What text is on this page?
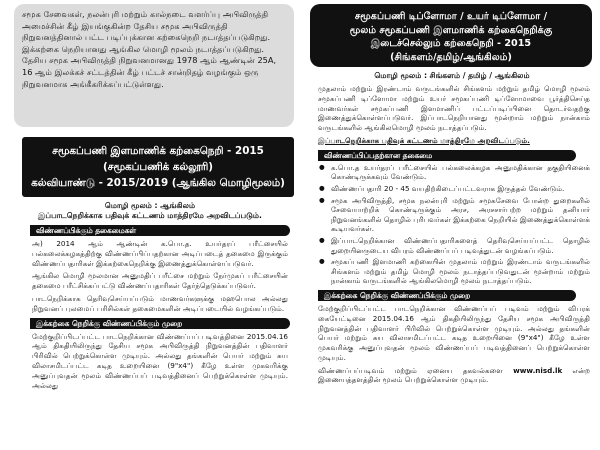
சமூக சேவைகள், நலன்புரி மற்றும் கால்நடை வளர்ப்பு அபிவிருத்தி அமைச்சின் கீழ் இயங்குகின்ற தேசிய சமூக அபிவிருத்தி நிறுவனத்தினால் பட்ட படிப்புக்கான கற்கைநெறி நடாத்தப்படுகிறது. இக்கற்கை நெறியானது ஆங்கில மொழி மூலம் நடாத்தப்படுகிறது. தேசிய சமூக அபிவிருத்தி நிறுவனமானது 1978 ஆம் ஆண்டின் 25A, 16 ஆம் இலக்கச் சட்டத்தின் கீழ் பட்டச் சான்றிதழ் வழங்கும் ஒரு நிறுவனமாக அங்கீகரிக்கப்பட்டுள்ளது.
சமூகப்பணி இளமாணிக் கற்கைநெறி - 2015
(சமூகப்பணிக் கல்லூரி)
கல்வியாண்டு - 2015/2019 (ஆங்கில மொழிமூலம்)
மொழி மூலம் : ஆங்கிலம்
இப்பாடநெறிக்காக பதிவுக் கட்டணம் மாத்திரமே அறவிடப்படும்.
விண்ணப்பிக்கும் தகைமைகள்
அ) 2014 ஆம் ஆண்டின் க.பொ.த. உயர்தரப் பரீட்சையில் பல்கலைக்கழகத்திற்கு விண்ணப்பிப்பதற்கான அடிப்படைத் தகைமை இருக்கும் விண்ணப்பதாரிகள் இக்கற்கைநெறிக்கு இணைத்துக்கொள்ளப்படுவர்.
ஆங்கில மொழி மூலமான அனுமதிப் பரீட்சை மற்றும் நேர்முகப் பரீட்சையின் தகைமை பரீட்சிக்கப்பட்டு விண்ணப்பதாரிகள் தேர்ந்தெடுக்கப்படுவர்.
பாடநெறிக்காக தெரிவுசெய்யப்படும் மாணவர்களுக்கு மஹபொல அல்லது நிறுவனப் புலமைப் பரிசில்கள் தகைமைகளின் அடிப்படையில் வழங்கப்படும்.
இக்கற்கை நெறிக்கு விண்ணப்பிக்கும் முறை
மேற்குறிப்பிடப்பட்ட பாடநெறிக்கான விண்ணப்பப் படிவத்தினை 2015.04.16 ஆம் திகதியிலிருந்து தேசிய சமூக அபிவிருத்தி நிறுவனத்தின் பதிவாளர் பிரிவில் பெற்றுக்கொள்ள முடியும். அல்லது தங்களின் பெயர் மற்றும் சுய விலாசமிடப்பட்ட கடித உறையினை (9"x4") கீழே உள்ள முகவரிக்கு அனுப்புவதன் மூலம் விண்ணப்பப் படிவத்தினைப் பெற்றுக்கொள்ள முடியும். அல்லது
சமூகப்பணி டிப்ளோமா / உயர் டிப்ளோமா /
மூலம் சமூகப்பணி இளமாணிக் கற்கைநெறிக்கு
இடைச்செல்லும் கற்கைநெறி - 2015
(சிங்களம்/தமிழ்/ஆங்கிலம்)
மொழி மூலம் : சிங்களம் / தமிழ் / ஆங்கிலம்
முதலாம் மற்றும் இரண்டாம் வருடங்களில் சிங்களம் மற்றும் தமிழ் மொழி மூலம் சமூகப்பணி டிப்ளோமா மற்றும் உயர் சமூகப்பணி டிப்ளோமாவை பூர்த்திசெய்த மாணவர்கள் சமூகப்பணி இளமாணிப் பட்டப்படிப்பினை தொடர்வதற்கு இணைத்துக்கொள்ளப்படுவர். இப்பாடநெறியானது மூன்றாம் மற்றும் நான்காம் வருடங்களில் ஆங்கிலமொழி மூலம் நடாத்தப்படும்.
இப்பாடநெறிக்காக பதிவுக் கட்டணம் மாத்திரமே அறவிடப்படும்.
விண்ணப்பிப்பதற்கான தகைமை
● க.பொ.த உயர்தரப் பரீட்சையில் பல்கலைக்கழக அனுமதிக்கான தகுதியினைக் கொண்டிருக்கவும் வேண்டும்.
● விண்ணப்பதாரி 20 - 45 வயதிற்கிடைப்பட்டவராக இருத்தல் வேண்டும்.
● சமூக அபிவிருத்தி, சமூக நலன்புரி மற்றும் சமூகசேவை போன்ற துறைகளில் சேவையாற்றிக் கொண்டிருக்கும் அரச, அரசசார்பற்ற மற்றும் தனியார் நிறுவனங்களில் தொழில் புரிபவர்கள் இக்கற்கை நெறியில் இணைத்துக்கொள்ளக் கூடியவர்கள்.
● இப்பாடநெறிக்கான விண்ணப்பதாரிகளைத் தெரிவுசெய்யப்பட்ட தொழில் துறையினருடைய விபரம் விண்ணப்பப் படிவத்துடன் வழங்கப்படும்.
● சமூகப்பணி இளமாணி கற்கையின் முதலாம் மற்றும் இரண்டாம் வருடங்களில் சிங்களம் மற்றும் தமிழ் மொழி மூலம் நடாத்தப்படுவதுடன் மூன்றாம் மற்றும் நான்காம் வருடங்களில் ஆங்கிலமொழி மூலம் நடாத்தப்படும்.
இக்கற்கை நெறிக்கு விண்ணப்பிக்கும் முறை
மேற்குறிப்பிடப்பட்ட பாடநெறிக்கான விண்ணப்பப் படிவம் மற்றும் விபரக் கையேட்டினை 2015.04.16 ஆம் திகதியிலிருந்து தேசிய சமூக அபிவிருத்தி நிறுவனத்தின் பதிவாளர் பிரிவில் பெற்றுக்கொள்ள முடியும். அல்லது தங்களின் பெயர் மற்றும் சுய விலாசமிடப்பட்ட கடித உறையினை (9"x4") கீழே உள்ள முகவரிக்கு அனுப்புவதன் மூலம் விண்ணப்பப் படிவத்தினைப் பெற்றுக்கொள்ள முடியும்.
விண்ணப்பப்படிவம் மற்றும் ஏனைய தகவல்களை www.nisd.lk என்ற இணையத்தளத்தின் மூலம் பெற்றுக்கொள்ள முடியும்.
